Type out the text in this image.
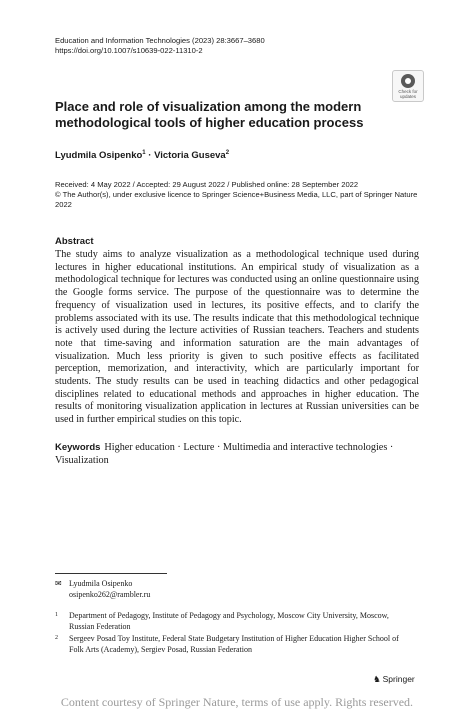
Education and Information Technologies (2023) 28:3667–3680
https://doi.org/10.1007/s10639-022-11310-2
Check for updates
Place and role of visualization among the modern methodological tools of higher education process
Lyudmila Osipenko$^1$ · Victoria Guseva$^2$
Received: 4 May 2022 / Accepted: 29 August 2022 / Published online: 28 September 2022
© The Author(s), under exclusive licence to Springer Science+Business Media, LLC, part of Springer Nature 2022
Abstract
The study aims to analyze visualization as a methodological technique used during lectures in higher educational institutions. An empirical study of visualization as a methodological technique for lectures was conducted using an online questionnaire using the Google forms service. The purpose of the questionnaire was to determine the frequency of visualization used in lectures, its positive effects, and to clarify the problems associated with its use. The results indicate that this methodological technique is actively used during the lecture activities of Russian teachers. Teachers and students note that time-saving and information saturation are the main advantages of visualization. Much less priority is given to such positive effects as facilitated perception, memorization, and interactivity, which are particularly important for students. The study results can be used in teaching didactics and other pedagogical disciplines related to educational methods and approaches in higher education. The results of monitoring visualization application in lectures at Russian universities can be used in further empirical studies on this topic.
Keywords Higher education · Lecture · Multimedia and interactive technologies · Visualization
✉ Lyudmila Osipenko
osipenko262@rambler.ru
1 Department of Pedagogy, Institute of Pedagogy and Psychology, Moscow City University, Moscow, Russian Federation
2 Sergeev Posad Toy Institute, Federal State Budgetary Institution of Higher Education Higher School of Folk Arts (Academy), Sergiev Posad, Russian Federation
♞ Springer
Content courtesy of Springer Nature, terms of use apply. Rights reserved.
